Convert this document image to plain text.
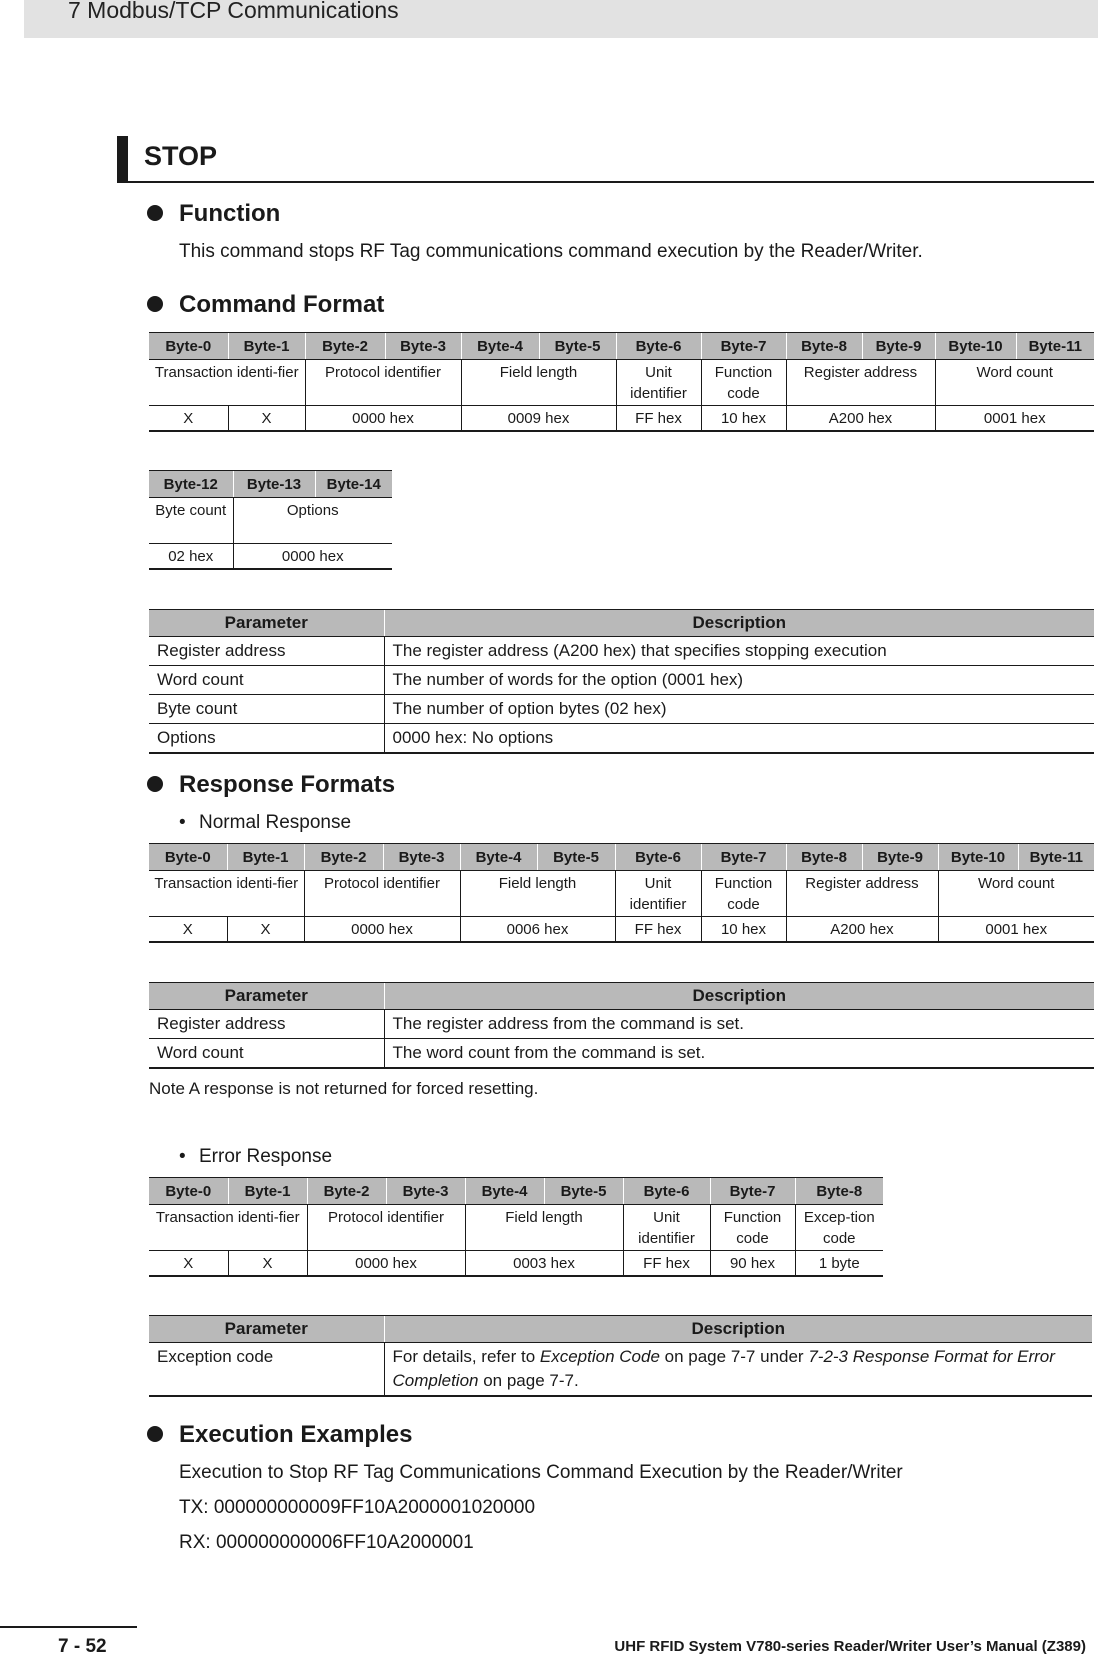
7 Modbus/TCP Communications
STOP
Function
This command stops RF Tag communications command execution by the Reader/Writer.
Command Format
Byte-0	Byte-1	Byte-2	Byte-3	Byte-4	Byte-5	Byte-6	Byte-7	Byte-8	Byte-9	Byte-10	Byte-11
Transaction identi-fier		Protocol identifier		Field length		Unit identifier	Function code	Register address		Word count	
X	X	0000 hex		0009 hex		FF hex	10 hex	A200 hex		0001 hex	
Byte-12	Byte-13	Byte-14
Byte count	Options	
02 hex	0000 hex	
Parameter	Description
Register address	The register address (A200 hex) that specifies stopping execution
Word count	The number of words for the option (0001 hex)
Byte count	The number of option bytes (02 hex)
Options	0000 hex: No options
Response Formats
• Normal Response
Byte-0	Byte-1	Byte-2	Byte-3	Byte-4	Byte-5	Byte-6	Byte-7	Byte-8	Byte-9	Byte-10	Byte-11
Transaction identi-fier		Protocol identifier		Field length		Unit identifier	Function code	Register address		Word count	
X	X	0000 hex		0006 hex		FF hex	10 hex	A200 hex		0001 hex	
Parameter	Description
Register address	The register address from the command is set.
Word count	The word count from the command is set.
Note A response is not returned for forced resetting.
• Error Response
Byte-0	Byte-1	Byte-2	Byte-3	Byte-4	Byte-5	Byte-6	Byte-7	Byte-8
Transaction identi-fier		Protocol identifier		Field length		Unit identifier	Function code	Excep-tion code
X	X	0000 hex		0003 hex		FF hex	90 hex	1 byte
Parameter	Description
Exception code	For details, refer to Exception Code on page 7-7 under 7-2-3 Response Format for Error Completion on page 7-7.
Execution Examples
Execution to Stop RF Tag Communications Command Execution by the Reader/Writer
TX: 000000000009FF10A2000001020000
RX: 000000000006FF10A2000001
7 - 52	UHF RFID System V780-series Reader/Writer User’s Manual (Z389)
